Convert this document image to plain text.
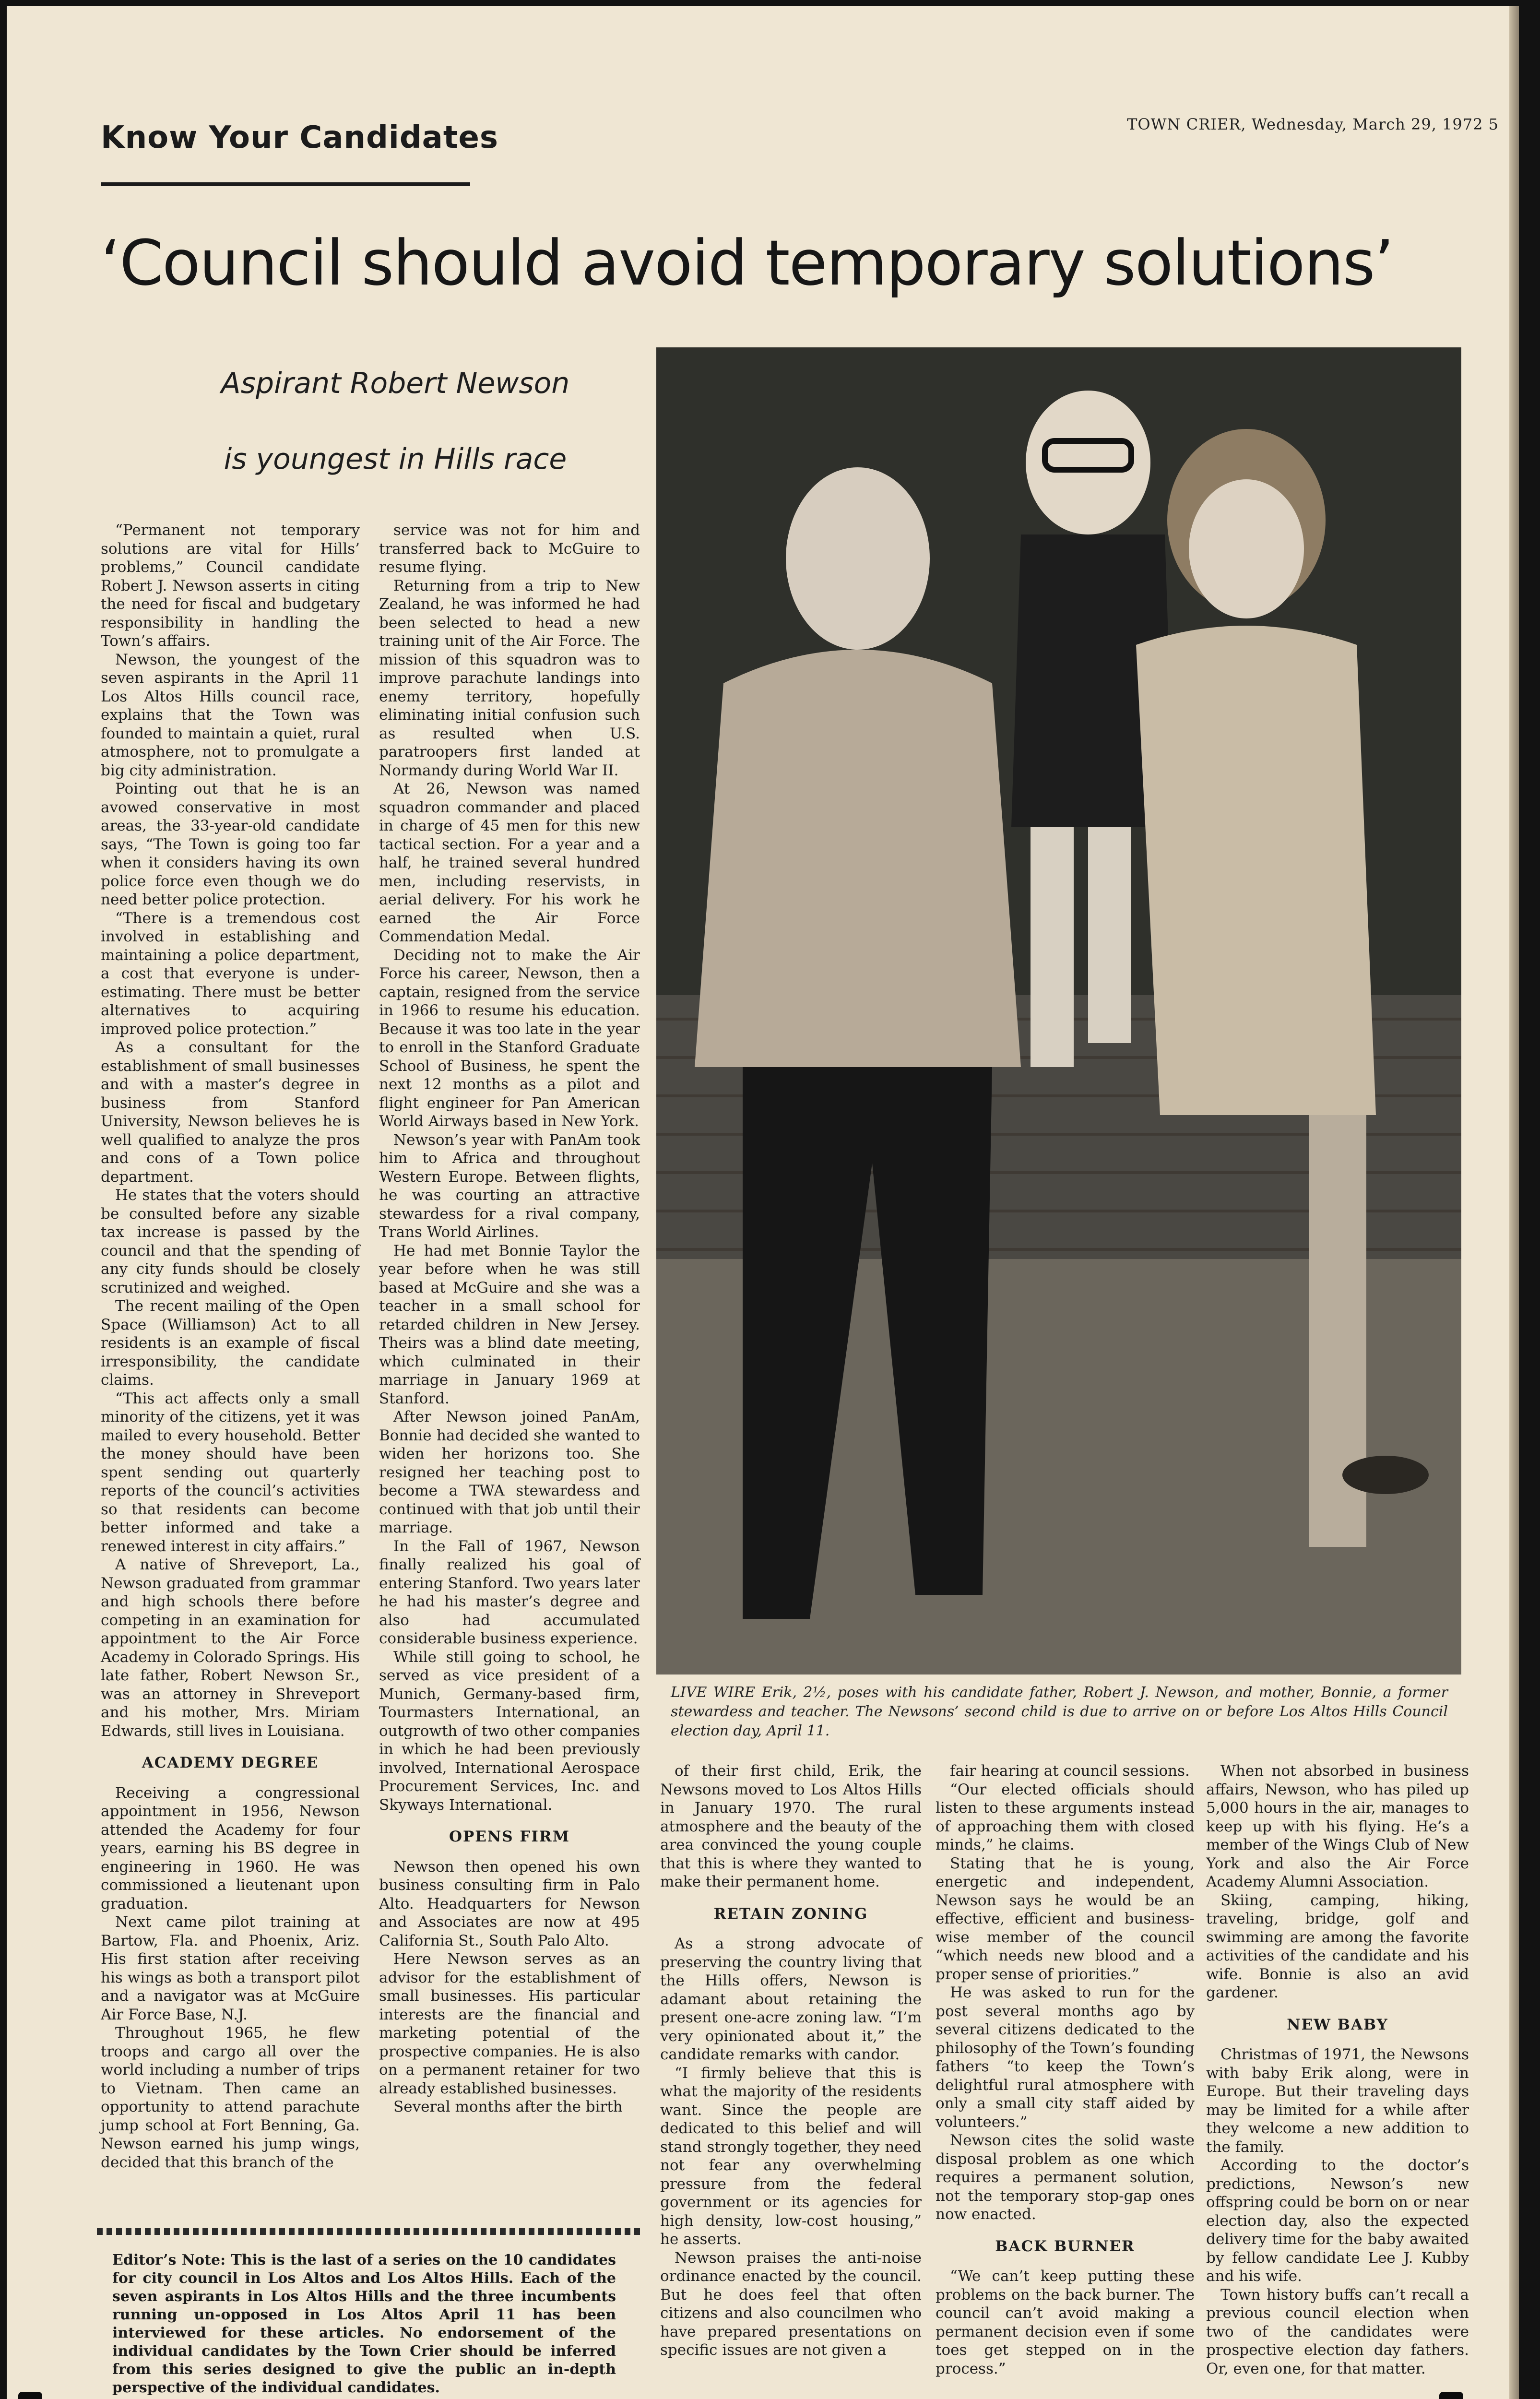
Know Your Candidates	TOWN CRIER, Wednesday, March 29, 1972 5
‘Council should avoid temporary solutions’
Aspirant Robert Newson
is youngest in Hills race
LIVE WIRE Erik, 2½, poses with his candidate father, Robert J. Newson, and mother, Bonnie, a former stewardess and teacher. The Newsons’ second child is due to arrive on or before Los Altos Hills Council election day, April 11.

“Permanent not temporary solutions are vital for Hills’ problems,” Council candidate Robert J. Newson asserts in citing the need for fiscal and budgetary responsibility in handling the Town’s affairs.

Newson, the youngest of the seven aspirants in the April 11 Los Altos Hills council race, explains that the Town was founded to maintain a quiet, rural atmosphere, not to promulgate a big city administration.

Pointing out that he is an avowed conservative in most areas, the 33-year-old candidate says, “The Town is going too far when it considers having its own police force even though we do need better police protection.

“There is a tremendous cost involved in establishing and maintaining a police department, a cost that everyone is under-estimating. There must be better alternatives to acquiring improved police protection.”

As a consultant for the establishment of small businesses and with a master’s degree in business from Stanford University, Newson believes he is well qualified to analyze the pros and cons of a Town police department.

He states that the voters should be consulted before any sizable tax increase is passed by the council and that the spending of any city funds should be closely scrutinized and weighed.

The recent mailing of the Open Space (Williamson) Act to all residents is an example of fiscal irresponsibility, the candidate claims.

“This act affects only a small minority of the citizens, yet it was mailed to every household. Better the money should have been spent sending out quarterly reports of the council’s activities so that residents can become better informed and take a renewed interest in city affairs.”

A native of Shreveport, La., Newson graduated from grammar and high schools there before competing in an examination for appointment to the Air Force Academy in Colorado Springs. His late father, Robert Newson Sr., was an attorney in Shreveport and his mother, Mrs. Miriam Edwards, still lives in Louisiana.

ACADEMY DEGREE

Receiving a congressional appointment in 1956, Newson attended the Academy for four years, earning his BS degree in engineering in 1960. He was commissioned a lieutenant upon graduation.

Next came pilot training at Bartow, Fla. and Phoenix, Ariz. His first station after receiving his wings as both a transport pilot and a navigator was at McGuire Air Force Base, N.J.

Throughout 1965, he flew troops and cargo all over the world including a number of trips to Vietnam. Then came an opportunity to attend parachute jump school at Fort Benning, Ga. Newson earned his jump wings, decided that this branch of the

service was not for him and transferred back to McGuire to resume flying.

Returning from a trip to New Zealand, he was informed he had been selected to head a new training unit of the Air Force. The mission of this squadron was to improve parachute landings into enemy territory, hopefully eliminating initial confusion such as resulted when U.S. paratroopers first landed at Normandy during World War II.

At 26, Newson was named squadron commander and placed in charge of 45 men for this new tactical section. For a year and a half, he trained several hundred men, including reservists, in aerial delivery. For his work he earned the Air Force Commendation Medal.

Deciding not to make the Air Force his career, Newson, then a captain, resigned from the service in 1966 to resume his education. Because it was too late in the year to enroll in the Stanford Graduate School of Business, he spent the next 12 months as a pilot and flight engineer for Pan American World Airways based in New York.

Newson’s year with PanAm took him to Africa and throughout Western Europe. Between flights, he was courting an attractive stewardess for a rival company, Trans World Airlines.

He had met Bonnie Taylor the year before when he was still based at McGuire and she was a teacher in a small school for retarded children in New Jersey. Theirs was a blind date meeting, which culminated in their marriage in January 1969 at Stanford.

After Newson joined PanAm, Bonnie had decided she wanted to widen her horizons too. She resigned her teaching post to become a TWA stewardess and continued with that job until their marriage.

In the Fall of 1967, Newson finally realized his goal of entering Stanford. Two years later he had his master’s degree and also had accumulated considerable business experience.

While still going to school, he served as vice president of a Munich, Germany-based firm, Tourmasters International, an outgrowth of two other companies in which he had been previously involved, International Aerospace Procurement Services, Inc. and Skyways International.

OPENS FIRM

Newson then opened his own business consulting firm in Palo Alto. Headquarters for Newson and Associates are now at 495 California St., South Palo Alto.

Here Newson serves as an advisor for the establishment of small businesses. His particular interests are the financial and marketing potential of the prospective companies. He is also on a permanent retainer for two already established businesses.

Several months after the birth

of their first child, Erik, the Newsons moved to Los Altos Hills in January 1970. The rural atmosphere and the beauty of the area convinced the young couple that this is where they wanted to make their permanent home.

RETAIN ZONING

As a strong advocate of preserving the country living that the Hills offers, Newson is adamant about retaining the present one-acre zoning law. “I’m very opinionated about it,” the candidate remarks with candor.

“I firmly believe that this is what the majority of the residents want. Since the people are dedicated to this belief and will stand strongly together, they need not fear any overwhelming pressure from the federal government or its agencies for high density, low-cost housing,” he asserts.

Newson praises the anti-noise ordinance enacted by the council. But he does feel that often citizens and also councilmen who have prepared presentations on specific issues are not given a

fair hearing at council sessions.

“Our elected officials should listen to these arguments instead of approaching them with closed minds,” he claims.

Stating that he is young, energetic and independent, Newson says he would be an effective, efficient and business-wise member of the council “which needs new blood and a proper sense of priorities.”

He was asked to run for the post several months ago by several citizens dedicated to the philosophy of the Town’s founding fathers “to keep the Town’s delightful rural atmosphere with only a small city staff aided by volunteers.”

Newson cites the solid waste disposal problem as one which requires a permanent solution, not the temporary stop-gap ones now enacted.

BACK BURNER

“We can’t keep putting these problems on the back burner. The council can’t avoid making a permanent decision even if some toes get stepped on in the process.”

When not absorbed in business affairs, Newson, who has piled up 5,000 hours in the air, manages to keep up with his flying. He’s a member of the Wings Club of New York and also the Air Force Academy Alumni Association.

Skiing, camping, hiking, traveling, bridge, golf and swimming are among the favorite activities of the candidate and his wife. Bonnie is also an avid gardener.

NEW BABY

Christmas of 1971, the Newsons with baby Erik along, were in Europe. But their traveling days may be limited for a while after they welcome a new addition to the family.

According to the doctor’s predictions, Newson’s new offspring could be born on or near election day, also the expected delivery time for the baby awaited by fellow candidate Lee J. Kubby and his wife.

Town history buffs can’t recall a previous council election when two of the candidates were prospective election day fathers. Or, even one, for that matter.

Editor’s Note: This is the last of a series on the 10 candidates for city council in Los Altos and Los Altos Hills. Each of the seven aspirants in Los Altos Hills and the three incumbents running un-opposed in Los Altos April 11 has been interviewed for these articles. No endorsement of the individual candidates by the Town Crier should be inferred from this series designed to give the public an in-depth perspective of the individual candidates.
